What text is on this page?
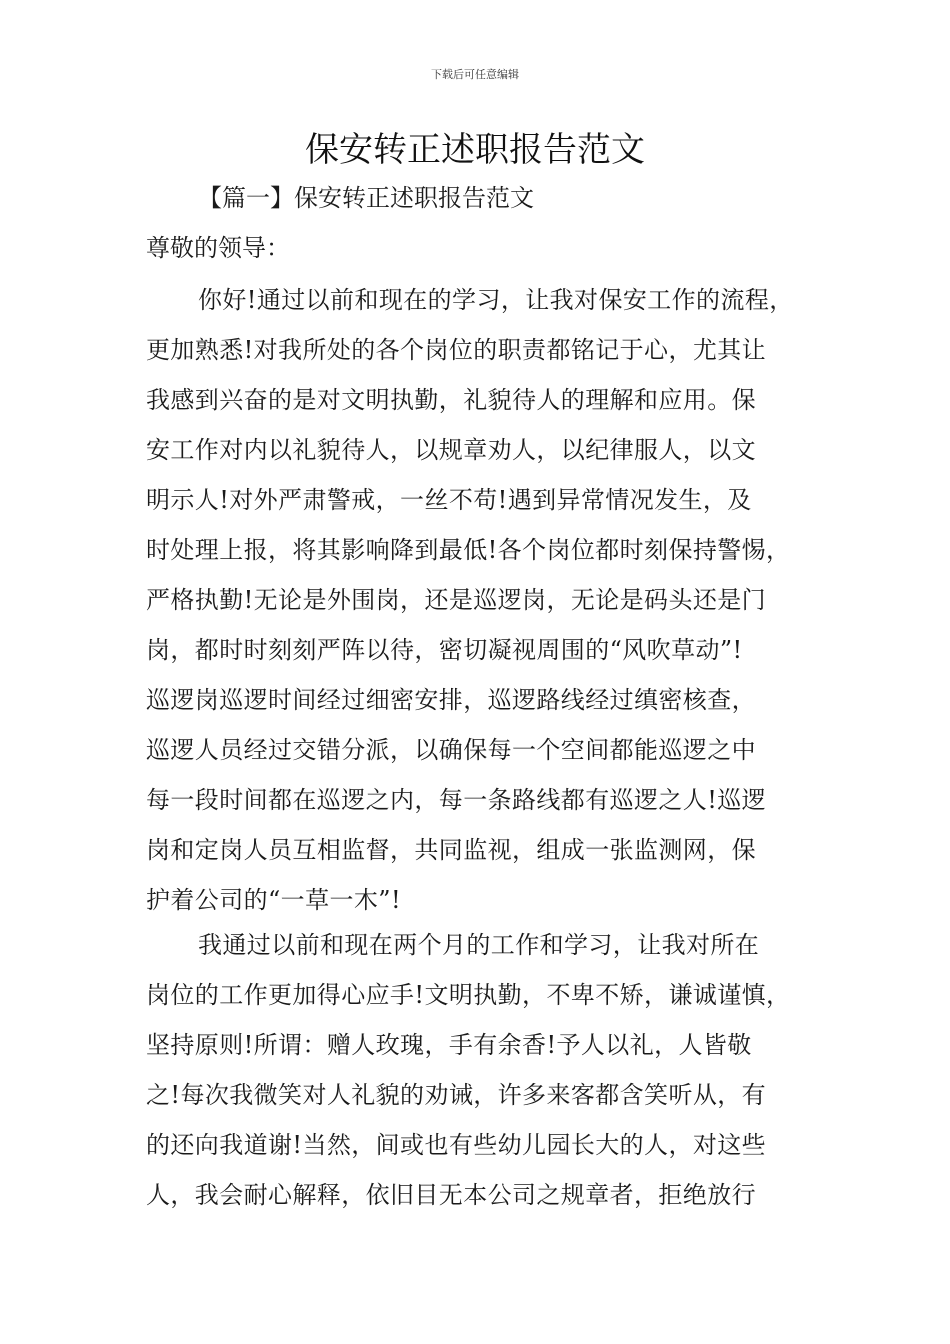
下载后可任意编辑
保安转正述职报告范文
【篇一】保安转正述职报告范文
尊敬的领导：
你好!通过以前和现在的学习，让我对保安工作的流程，
更加熟悉!对我所处的各个岗位的职责都铭记于心，尤其让
我感到兴奋的是对文明执勤，礼貌待人的理解和应用。保
安工作对内以礼貌待人，以规章劝人，以纪律服人，以文
明示人!对外严肃警戒，一丝不苟!遇到异常情况发生，及
时处理上报，将其影响降到最低!各个岗位都时刻保持警惕，
严格执勤!无论是外围岗，还是巡逻岗，无论是码头还是门
岗，都时时刻刻严阵以待，密切凝视周围的“风吹草动”!
巡逻岗巡逻时间经过细密安排，巡逻路线经过缜密核查，
巡逻人员经过交错分派，以确保每一个空间都能巡逻之中
每一段时间都在巡逻之内，每一条路线都有巡逻之人!巡逻
岗和定岗人员互相监督，共同监视，组成一张监测网，保
护着公司的“一草一木”!
我通过以前和现在两个月的工作和学习，让我对所在
岗位的工作更加得心应手!文明执勤，不卑不矫，谦诚谨慎，
坚持原则!所谓：赠人玫瑰，手有余香!予人以礼，人皆敬
之!每次我微笑对人礼貌的劝诫，许多来客都含笑听从，有
的还向我道谢!当然，间或也有些幼儿园长大的人，对这些
人，我会耐心解释，依旧目无本公司之规章者，拒绝放行
